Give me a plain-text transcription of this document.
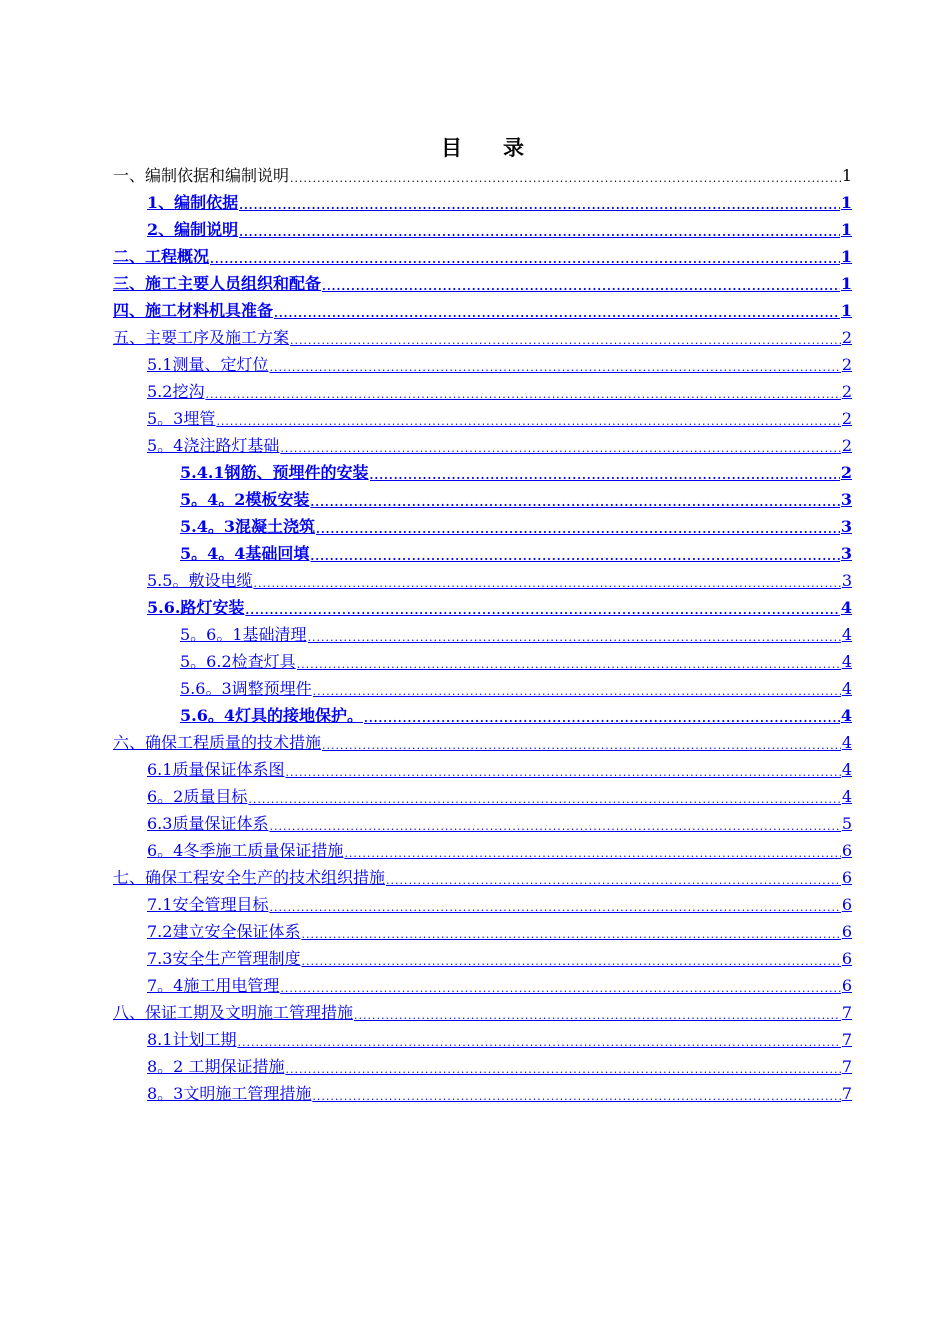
目　录
一、编制依据和编制说明 .....	1
1、编制依据 .....	1
2、编制说明 .....	1
二、工程概况 .....	1
三、施工主要人员组织和配备 .....	1
四、施工材料机具准备 .....	1
五、主要工序及施工方案 .....	2
5.1测量、定灯位 .....	2
5.2挖沟 .....	2
5。3埋管 .....	2
5。4浇注路灯基础 .....	2
5.4.1钢筋、预埋件的安装 .....	2
5。4。2模板安装 .....	3
5.4。3混凝土浇筑 .....	3
5。4。4基础回填 .....	3
5.5。敷设电缆 .....	3
5.6.路灯安装 .....	4
5。6。1基础清理 .....	4
5。6.2检查灯具 .....	4
5.6。3调整预埋件 .....	4
5.6。4灯具的接地保护。 .....	4
六、确保工程质量的技术措施 .....	4
6.1质量保证体系图 .....	4
6。2质量目标 .....	4
6.3质量保证体系 .....	5
6。4冬季施工质量保证措施 .....	6
七、确保工程安全生产的技术组织措施 .....	6
7.1安全管理目标 .....	6
7.2建立安全保证体系 .....	6
7.3安全生产管理制度 .....	6
7。4施工用电管理 .....	6
八、保证工期及文明施工管理措施 .....	7
8.1计划工期 .....	7
8。2 工期保证措施 .....	7
8。3文明施工管理措施 .....	7
